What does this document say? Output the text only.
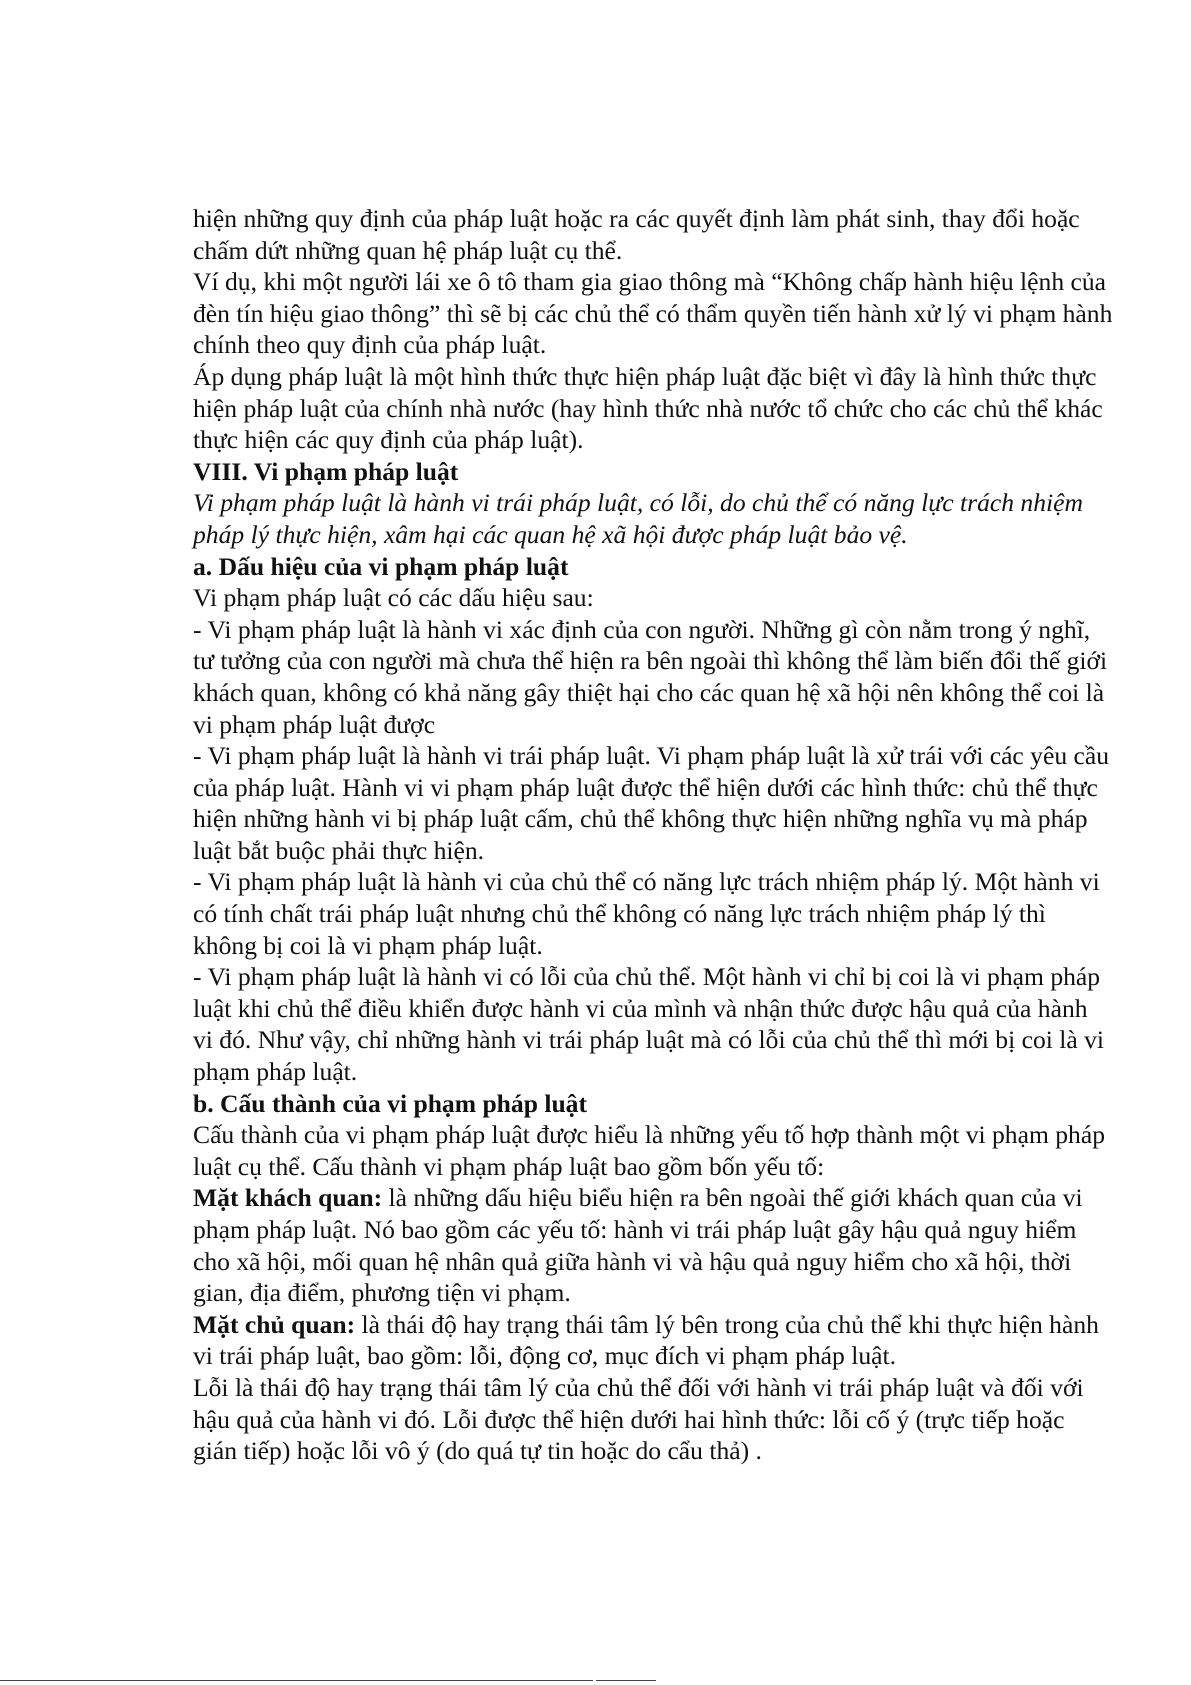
hiện những quy định của pháp luật hoặc ra các quyết định làm phát sinh, thay đổi hoặc chấm dứt những quan hệ pháp luật cụ thể.

Ví dụ, khi một người lái xe ô tô tham gia giao thông mà “Không chấp hành hiệu lệnh của đèn tín hiệu giao thông” thì sẽ bị các chủ thể có thẩm quyền tiến hành xử lý vi phạm hành chính theo quy định của pháp luật.

Áp dụng pháp luật là một hình thức thực hiện pháp luật đặc biệt vì đây là hình thức thực hiện pháp luật của chính nhà nước (hay hình thức nhà nước tổ chức cho các chủ thể khác thực hiện các quy định của pháp luật).

VIII. Vi phạm pháp luật

Vi phạm pháp luật là hành vi trái pháp luật, có lỗi, do chủ thể có năng lực trách nhiệm pháp lý thực hiện, xâm hại các quan hệ xã hội được pháp luật bảo vệ.

a. Dấu hiệu của vi phạm pháp luật

Vi phạm pháp luật có các dấu hiệu sau:

- Vi phạm pháp luật là hành vi xác định của con người. Những gì còn nằm trong ý nghĩ, tư tưởng của con người mà chưa thể hiện ra bên ngoài thì không thể làm biến đổi thế giới khách quan, không có khả năng gây thiệt hại cho các quan hệ xã hội nên không thể coi là vi phạm pháp luật được

- Vi phạm pháp luật là hành vi trái pháp luật. Vi phạm pháp luật là xử trái với các yêu cầu của pháp luật. Hành vi vi phạm pháp luật được thể hiện dưới các hình thức: chủ thể thực hiện những hành vi bị pháp luật cấm, chủ thể không thực hiện những nghĩa vụ mà pháp luật bắt buộc phải thực hiện.

- Vi phạm pháp luật là hành vi của chủ thể có năng lực trách nhiệm pháp lý. Một hành vi có tính chất trái pháp luật nhưng chủ thể không có năng lực trách nhiệm pháp lý thì không bị coi là vi phạm pháp luật.

- Vi phạm pháp luật là hành vi có lỗi của chủ thể. Một hành vi chỉ bị coi là vi phạm pháp luật khi chủ thể điều khiển được hành vi của mình và nhận thức được hậu quả của hành vi đó. Như vậy, chỉ những hành vi trái pháp luật mà có lỗi của chủ thể thì mới bị coi là vi phạm pháp luật.

b. Cấu thành của vi phạm pháp luật

Cấu thành của vi phạm pháp luật được hiểu là những yếu tố hợp thành một vi phạm pháp luật cụ thể. Cấu thành vi phạm pháp luật bao gồm bốn yếu tố:

Mặt khách quan: là những dấu hiệu biểu hiện ra bên ngoài thế giới khách quan của vi phạm pháp luật. Nó bao gồm các yếu tố: hành vi trái pháp luật gây hậu quả nguy hiểm cho xã hội, mối quan hệ nhân quả giữa hành vi và hậu quả nguy hiểm cho xã hội, thời gian, địa điểm, phương tiện vi phạm.

Mặt chủ quan: là thái độ hay trạng thái tâm lý bên trong của chủ thể khi thực hiện hành vi trái pháp luật, bao gồm: lỗi, động cơ, mục đích vi phạm pháp luật.

Lỗi là thái độ hay trạng thái tâm lý của chủ thể đối với hành vi trái pháp luật và đối với hậu quả của hành vi đó. Lỗi được thể hiện dưới hai hình thức: lỗi cố ý (trực tiếp hoặc gián tiếp) hoặc lỗi vô ý (do quá tự tin hoặc do cẩu thả) .
